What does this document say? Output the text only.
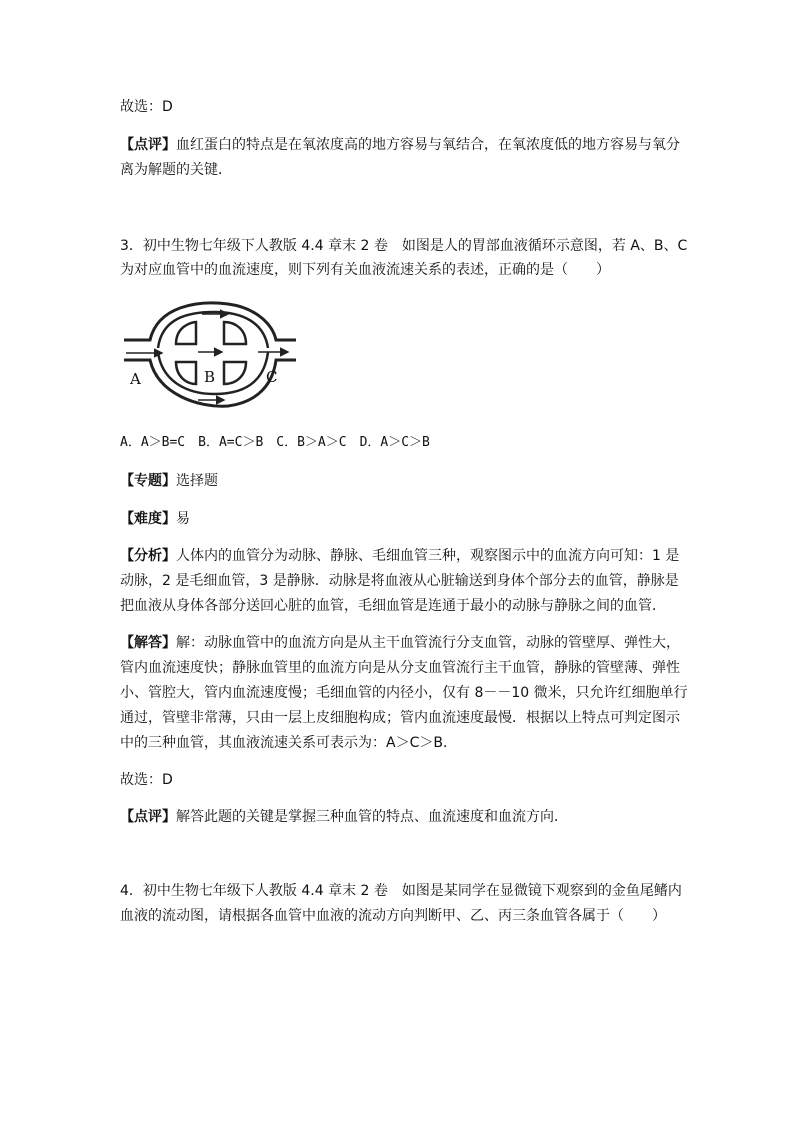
故选：D
【点评】血红蛋白的特点是在氧浓度高的地方容易与氧结合，在氧浓度低的地方容易与氧分
离为解题的关键．
3．初中生物七年级下人教版 4.4 章末 2 卷　如图是人的胃部血液循环示意图，若 A、B、C
为对应血管中的血流速度，则下列有关血液流速关系的表述，正确的是（　　）
A	B	C
A．A＞B=C　B．A=C＞B　C．B＞A＞C　D．A＞C＞B
【专题】选择题
【难度】易
【分析】人体内的血管分为动脉、静脉、毛细血管三种，观察图示中的血流方向可知：1 是
动脉，2 是毛细血管，3 是静脉．动脉是将血液从心脏输送到身体个部分去的血管，静脉是
把血液从身体各部分送回心脏的血管，毛细血管是连通于最小的动脉与静脉之间的血管．
【解答】解：动脉血管中的血流方向是从主干血管流行分支血管，动脉的管壁厚、弹性大，
管内血流速度快；静脉血管里的血流方向是从分支血管流行主干血管，静脉的管壁薄、弹性
小、管腔大，管内血流速度慢；毛细血管的内径小，仅有 8－－10 微米，只允许红细胞单行
通过，管壁非常薄，只由一层上皮细胞构成；管内血流速度最慢．根据以上特点可判定图示
中的三种血管，其血液流速关系可表示为：A＞C＞B．
故选：D
【点评】解答此题的关键是掌握三种血管的特点、血流速度和血流方向．
4．初中生物七年级下人教版 4.4 章末 2 卷　如图是某同学在显微镜下观察到的金鱼尾鳍内
血液的流动图，请根据各血管中血液的流动方向判断甲、乙、丙三条血管各属于（　　）
